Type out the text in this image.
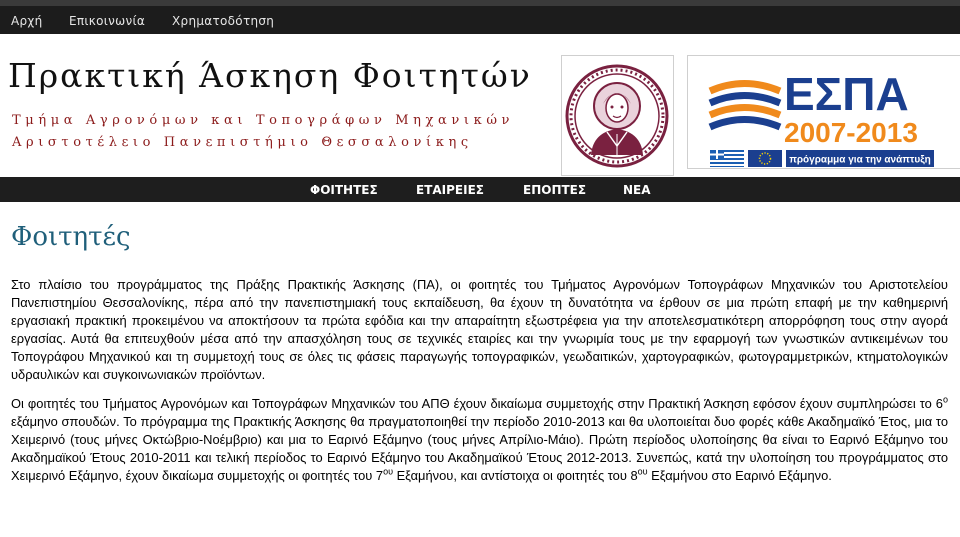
Αρχή Επικοινωνία Χρηματοδότηση
Πρακτική Άσκηση Φοιτητών
Τμήμα Αγρονόμων και Τοπογράφων Μηχανικών
Αριστοτέλειο Πανεπιστήμιο Θεσσαλονίκης
ΕΣΠΑ
2007-2013
πρόγραμμα για την ανάπτυξη
ΦΟΙΤΗΤΕΣ	ΕΤΑΙΡΕΙΕΣ	ΕΠΟΠΤΕΣ	ΝΕΑ
Φοιτητές

Στο πλαίσιο του προγράμματος της Πράξης Πρακτικής Άσκησης (ΠΑ), οι φοιτητές του Τμήματος Αγρονόμων Τοπογράφων Μηχανικών του Αριστοτελείου Πανεπιστημίου Θεσσαλονίκης, πέρα από την πανεπιστημιακή τους εκπαίδευση, θα έχουν τη δυνατότητα να έρθουν σε μια πρώτη επαφή με την καθημερινή εργασιακή πρακτική προκειμένου να αποκτήσουν τα πρώτα εφόδια και την απαραίτητη εξωστρέφεια για την αποτελεσματικότερη απορρόφηση τους στην αγορά εργασίας. Αυτά θα επιτευχθούν μέσα από την απασχόληση τους σε τεχνικές εταιρίες και την γνωριμία τους με την εφαρμογή των γνωστικών αντικειμένων του Τοπογράφου Μηχανικού και τη συμμετοχή τους σε όλες τις φάσεις παραγωγής τοπογραφικών, γεωδαιτικών, χαρτογραφικών, φωτογραμμετρικών, κτηματολογικών υδραυλικών και συγκοινωνιακών προϊόντων.

Οι φοιτητές του Τμήματος Αγρονόμων και Τοπογράφων Μηχανικών του ΑΠΘ έχουν δικαίωμα συμμετοχής στην Πρακτική Άσκηση εφόσον έχουν συμπληρώσει το $6^o$ εξάμηνο σπουδών. Το πρόγραμμα της Πρακτικής Άσκησης θα πραγματοποιηθεί την περίοδο 2010-2013 και θα υλοποιείται δυο φορές κάθε Ακαδημαϊκό Έτος, μια το Χειμερινό (τους μήνες Οκτώβριο-Νοέμβριο) και μια το Εαρινό Εξάμηνο (τους μήνες Απρίλιο-Μάιο). Πρώτη περίοδος υλοποίησης θα είναι το Εαρινό Εξάμηνο του Ακαδημαϊκού Έτους 2010-2011 και τελική περίοδος το Εαρινό Εξάμηνο του Ακαδημαϊκού Έτους 2012-2013. Συνεπώς, κατά την υλοποίηση του προγράμματος στο Χειμερινό Εξάμηνο, έχουν δικαίωμα συμμετοχής οι φοιτητές του $7^{o\upsilon}$ Εξαμήνου, και αντίστοιχα οι φοιτητές του $8^{o\upsilon}$ Εξαμήνου στο Εαρινό Εξάμηνο.
